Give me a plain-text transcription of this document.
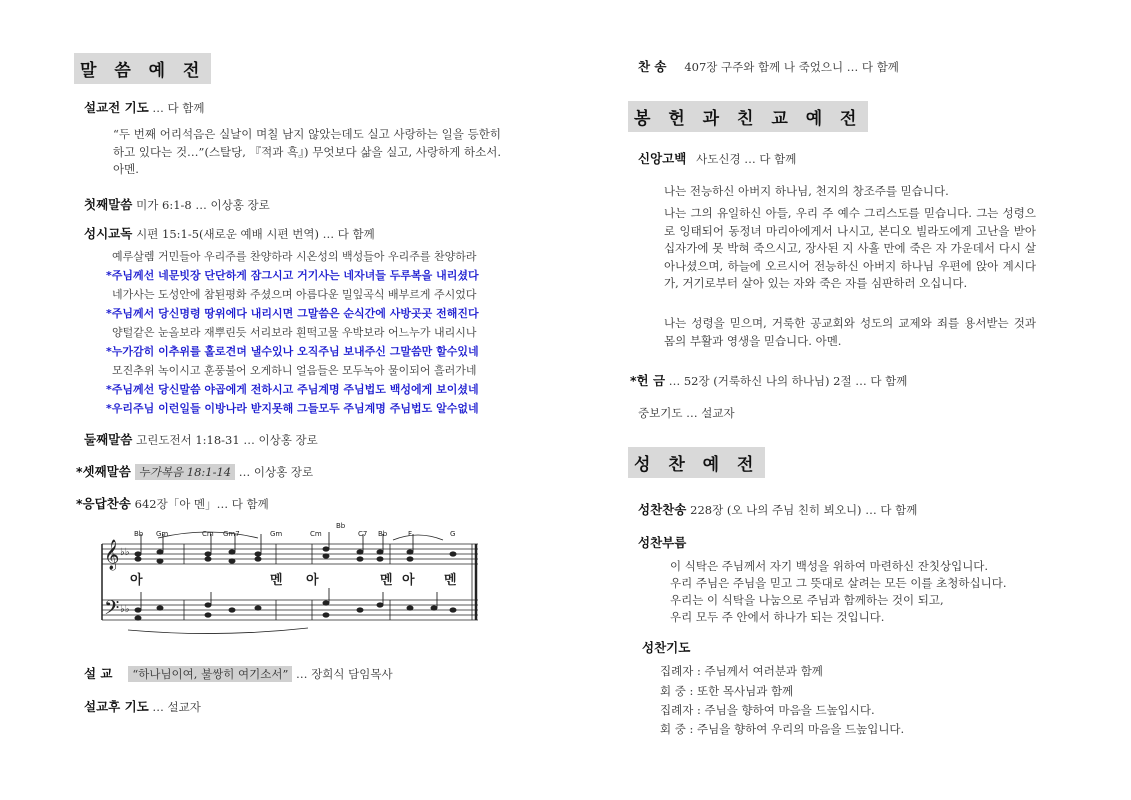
말 씀 예 전
설교전 기도 … 다 함께
“두 번째 어리석음은 실날이 며칠 남지 않았는데도 실고 사랑하는 일을 등한히 하고 있다는 것…”(스탈당, 『적과 흑』) 무엇보다 삶을 실고, 사랑하게 하소서. 아멘.
첫째말씀 미가 6:1-8 … 이상홍 장로
성시교독 시편 15:1-5(새로운 예배 시편 번역) … 다 함께
예루살렘 거민들아 우리주를 찬양하라 시온성의 백성들아 우리주를 찬양하라
*주님께선 네문빗장 단단하게 잠그시고 거기사는 네자녀들 두루복을 내리셨다
네가사는 도성안에 참된평화 주셨으며 아름다운 밀잎곡식 배부르게 주시었다
*주님께서 당신명령 땅위에다 내리시면 그말씀은 순식간에 사방곳곳 전해진다
양털같은 눈올보라 재뿌린듯 서리보라 흰떡고물 우박보라 어느누가 내리시나
*누가감히 이추위를 홀로견뎌 낼수있나 오직주님 보내주신 그말씀만 할수있네
모진추위 녹이시고 훈풍불어 오게하니 얼음들은 모두녹아 물이되어 흘러가네
*주님께선 당신말씀 야곱에게 전하시고 주님계명 주님법도 백성에게 보이셨네
*우리주님 이런일들 이방나라 받지못해 그들모두 주님계명 주님법도 알수없네
둘째말씀 고린도전서 1:18-31 … 이상홍 장로
*셋째말씀 누가복음 18:1-14 … 이상홍 장로
*응답찬송 642장「아 멘」… 다 함께
𝄞
𝄢
♭♭
♭♭
Bb Gm	Cm Gm7	Gm	Cm
Bb
C7 Bb	F	G
아	멘 아	멘 아 멘
설 교 “하나님이여, 불쌍히 여기소서” … 장희식 담임목사
설교후 기도 … 설교자
찬 송 407장 구주와 함께 나 죽었으니 … 다 함께
봉 헌 과 친 교 예 전
신앙고백 사도신경 … 다 함께
나는 전능하신 아버지 하나님, 천지의 창조주를 믿습니다.
나는 그의 유일하신 아들, 우리 주 예수 그리스도를 믿습니다. 그는 성령으로 잉태되어 동정녀 마리아에게서 나시고, 본디오 빌라도에게 고난을 받아 십자가에 못 박혀 죽으시고, 장사된 지 사흘 만에 죽은 자 가운데서 다시 살아나셨으며, 하늘에 오르시어 전능하신 아버지 하나님 우편에 앉아 계시다가, 거기로부터 살아 있는 자와 죽은 자를 심판하러 오십니다.
나는 성령을 믿으며, 거룩한 공교회와 성도의 교제와 죄를 용서받는 것과 몸의 부활과 영생을 믿습니다. 아멘.
*헌 금 … 52장 (거룩하신 나의 하나님) 2절 … 다 함께
중보기도 … 설교자
성 찬 예 전
성찬찬송 228장 (오 나의 주님 친히 뵈오니) … 다 함께
성찬부름
이 식탁은 주님께서 자기 백성을 위하여 마련하신 잔칫상입니다.
우리 주님은 주님을 믿고 그 뜻대로 살려는 모든 이를 초청하십니다.
우리는 이 식탁을 나눔으로 주님과 함께하는 것이 되고,
우리 모두 주 안에서 하나가 되는 것입니다.
성찬기도
집례자 : 주님께서 여러분과 함께
회 중 : 또한 목사님과 함께
집례자 : 주님을 향하여 마음을 드높입시다.
회 중 : 주님을 향하여 우리의 마음을 드높입니다.
